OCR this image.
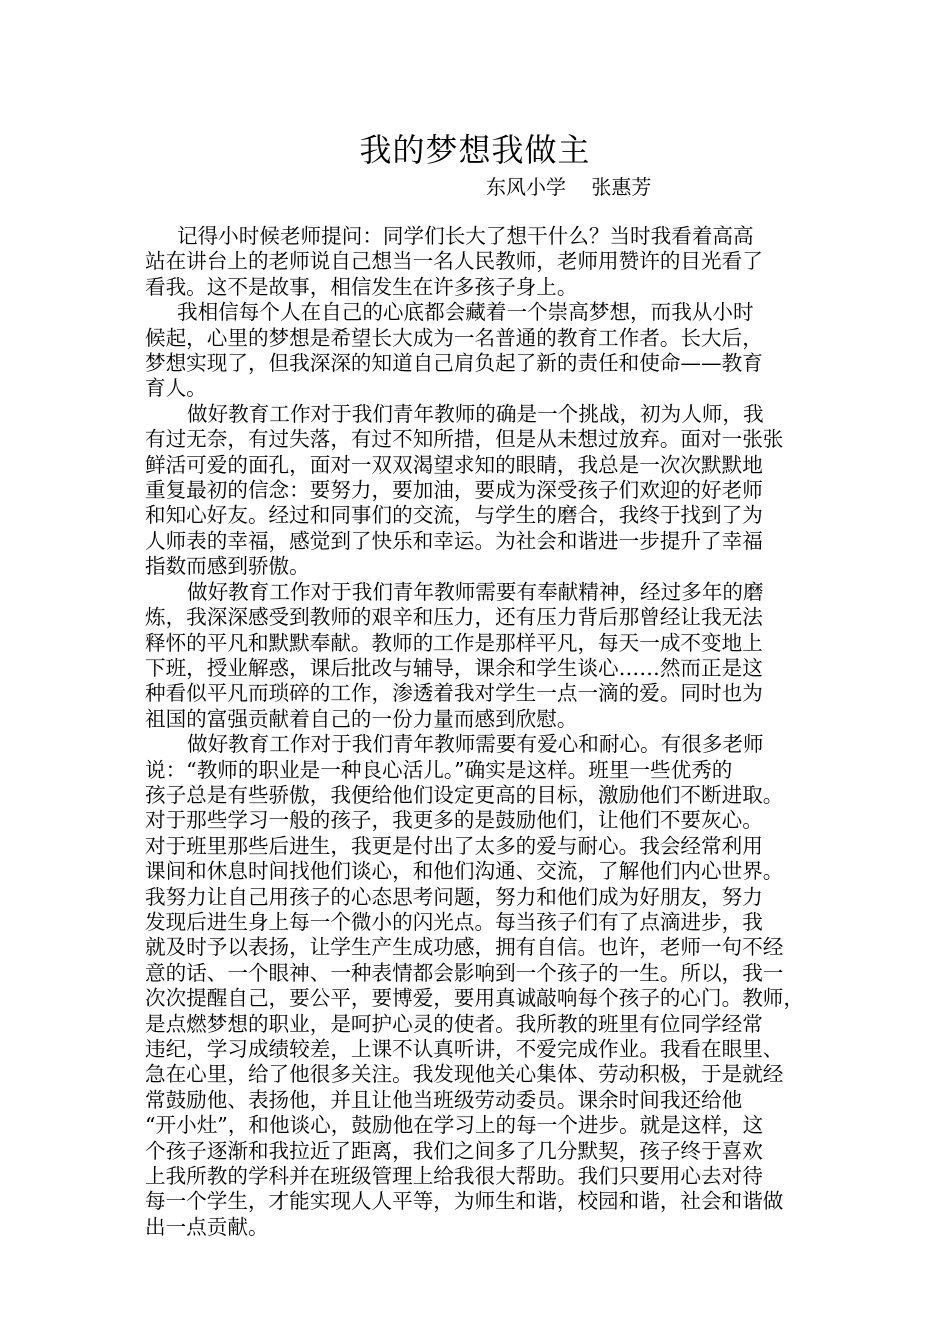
我的梦想我做主
东风小学    张惠芳
记得小时候老师提问：同学们长大了想干什么？当时我看着高高
站在讲台上的老师说自己想当一名人民教师，老师用赞许的目光看了
看我。这不是故事，相信发生在许多孩子身上。
我相信每个人在自己的心底都会藏着一个崇高梦想，而我从小时
候起，心里的梦想是希望长大成为一名普通的教育工作者。长大后，
梦想实现了，但我深深的知道自己肩负起了新的责任和使命——教育
育人。
做好教育工作对于我们青年教师的确是一个挑战，初为人师，我
有过无奈，有过失落，有过不知所措，但是从未想过放弃。面对一张张
鲜活可爱的面孔，面对一双双渴望求知的眼睛，我总是一次次默默地
重复最初的信念：要努力，要加油，要成为深受孩子们欢迎的好老师
和知心好友。经过和同事们的交流，与学生的磨合，我终于找到了为
人师表的幸福，感觉到了快乐和幸运。为社会和谐进一步提升了幸福
指数而感到骄傲。
做好教育工作对于我们青年教师需要有奉献精神，经过多年的磨
炼，我深深感受到教师的艰辛和压力，还有压力背后那曾经让我无法
释怀的平凡和默默奉献。教师的工作是那样平凡，每天一成不变地上
下班，授业解惑，课后批改与辅导，课余和学生谈心……然而正是这
种看似平凡而琐碎的工作，渗透着我对学生一点一滴的爱。同时也为
祖国的富强贡献着自己的一份力量而感到欣慰。
做好教育工作对于我们青年教师需要有爱心和耐心。有很多老师
说：“教师的职业是一种良心活儿。”确实是这样。班里一些优秀的
孩子总是有些骄傲，我便给他们设定更高的目标，激励他们不断进取。
对于那些学习一般的孩子，我更多的是鼓励他们，让他们不要灰心。
对于班里那些后进生，我更是付出了太多的爱与耐心。我会经常利用
课间和休息时间找他们谈心，和他们沟通、交流，了解他们内心世界。
我努力让自己用孩子的心态思考问题，努力和他们成为好朋友，努力
发现后进生身上每一个微小的闪光点。每当孩子们有了点滴进步，我
就及时予以表扬，让学生产生成功感，拥有自信。也许，老师一句不经
意的话、一个眼神、一种表情都会影响到一个孩子的一生。所以，我一
次次提醒自己，要公平，要博爱，要用真诚敲响每个孩子的心门。教师，
是点燃梦想的职业，是呵护心灵的使者。我所教的班里有位同学经常
违纪，学习成绩较差，上课不认真听讲，不爱完成作业。我看在眼里、
急在心里，给了他很多关注。我发现他关心集体、劳动积极，于是就经
常鼓励他、表扬他，并且让他当班级劳动委员。课余时间我还给他
“开小灶”，和他谈心，鼓励他在学习上的每一个进步。就是这样，这
个孩子逐渐和我拉近了距离，我们之间多了几分默契，孩子终于喜欢
上我所教的学科并在班级管理上给我很大帮助。我们只要用心去对待
每一个学生，才能实现人人平等，为师生和谐，校园和谐，社会和谐做
出一点贡献。
